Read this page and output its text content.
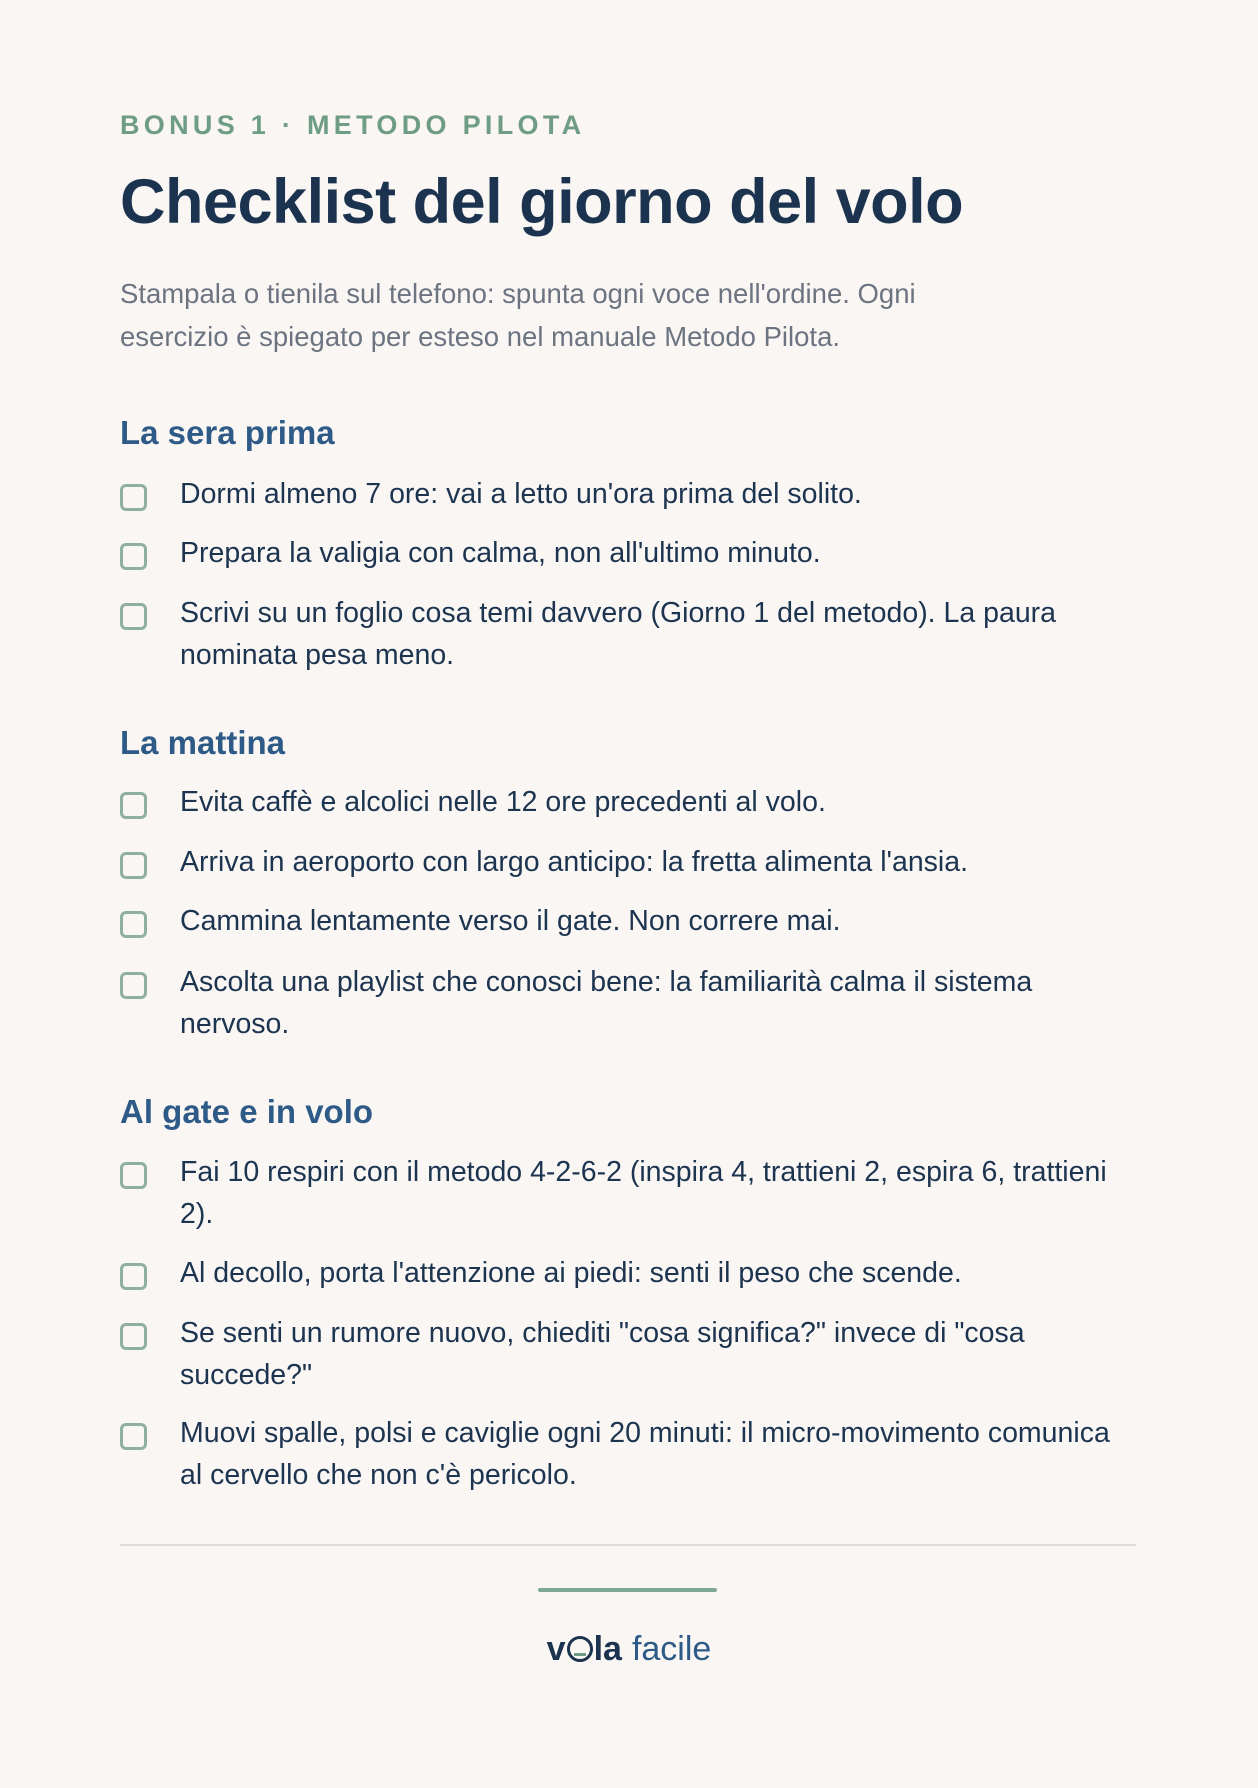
BONUS 1 · METODO PILOTA
Checklist del giorno del volo
Stampala o tienila sul telefono: spunta ogni voce nell'ordine. Ogni esercizio è spiegato per esteso nel manuale Metodo Pilota.
La sera prima
Dormi almeno 7 ore: vai a letto un'ora prima del solito.
Prepara la valigia con calma, non all'ultimo minuto.
Scrivi su un foglio cosa temi davvero (Giorno 1 del metodo). La paura nominata pesa meno.
La mattina
Evita caffè e alcolici nelle 12 ore precedenti al volo.
Arriva in aeroporto con largo anticipo: la fretta alimenta l'ansia.
Cammina lentamente verso il gate. Non correre mai.
Ascolta una playlist che conosci bene: la familiarità calma il sistema nervoso.
Al gate e in volo
Fai 10 respiri con il metodo 4-2-6-2 (inspira 4, trattieni 2, espira 6, trattieni 2).
Al decollo, porta l'attenzione ai piedi: senti il peso che scende.
Se senti un rumore nuovo, chiediti "cosa significa?" invece di "cosa succede?"
Muovi spalle, polsi e caviglie ogni 20 minuti: il micro-movimento comunica al cervello che non c'è pericolo.
v la facile
